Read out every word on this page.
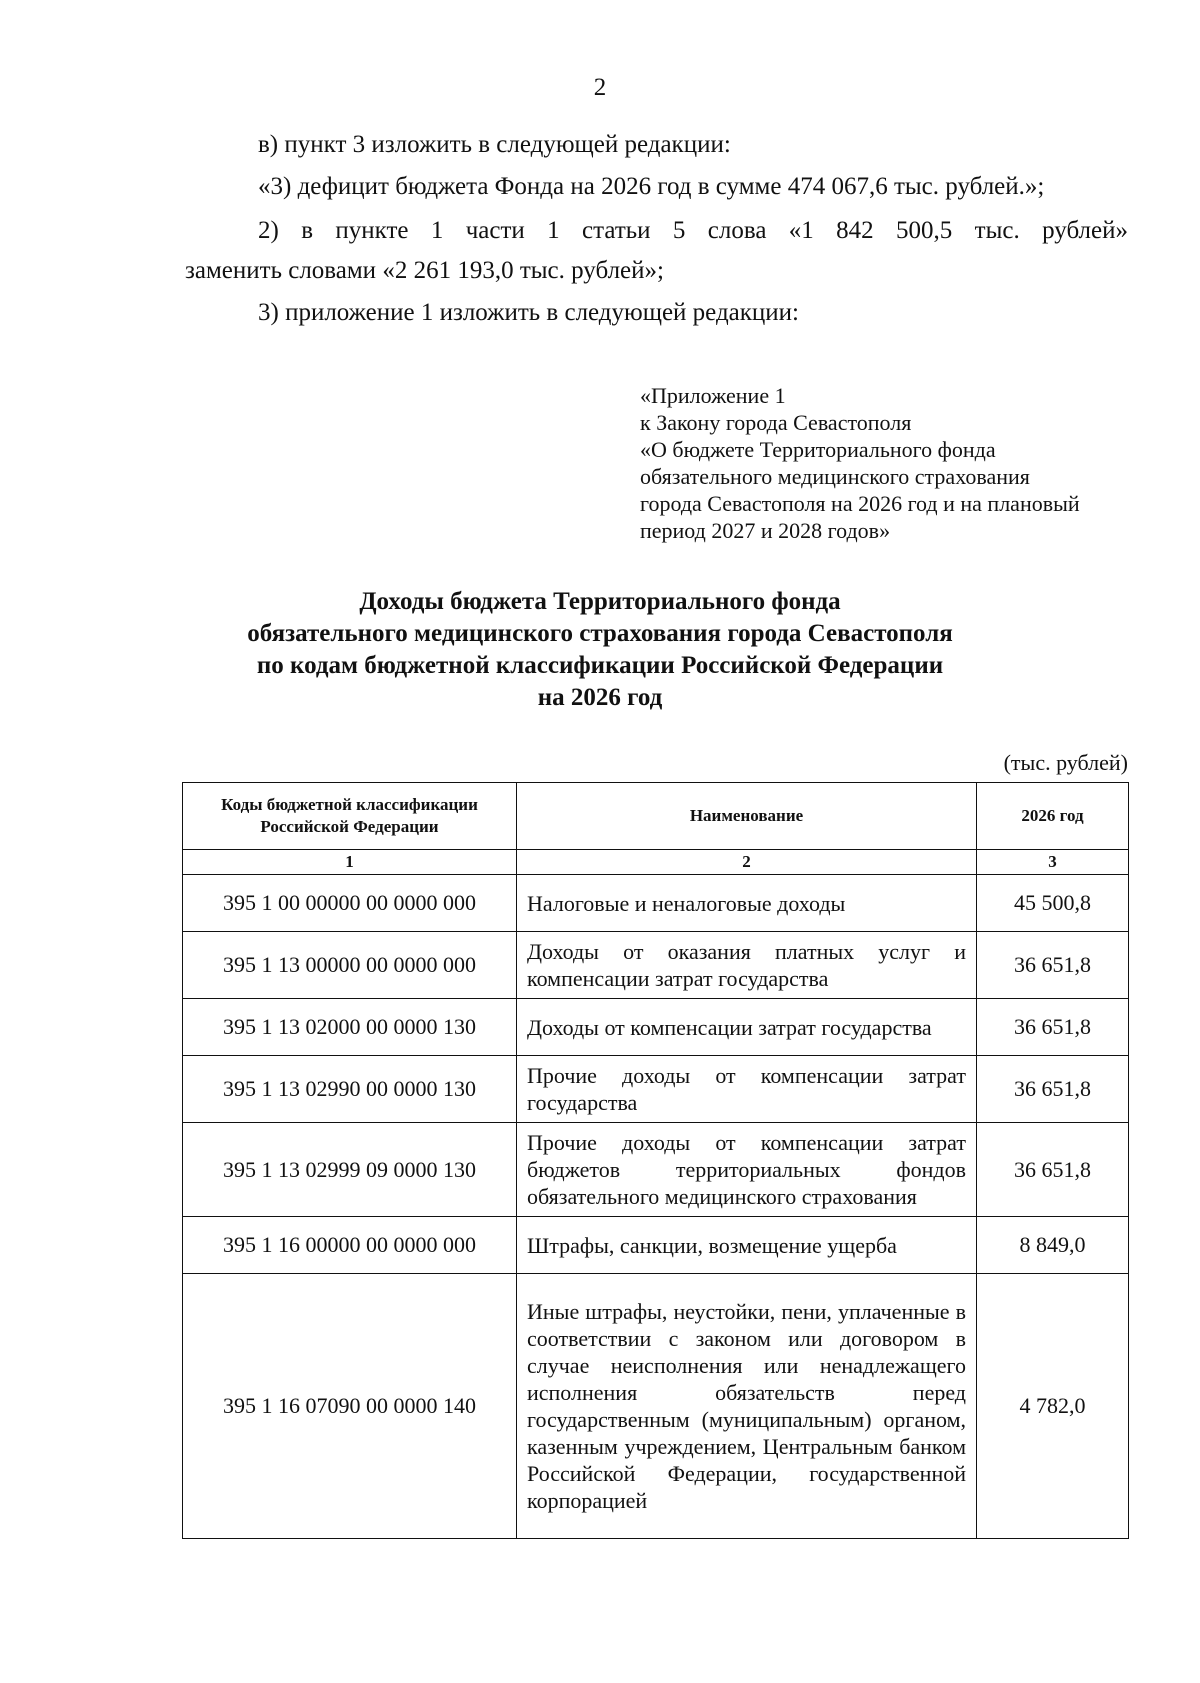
2
в) пункт 3 изложить в следующей редакции:
«3) дефицит бюджета Фонда на 2026 год в сумме 474 067,6 тыс. рублей.»;
2) в пункте 1 части 1 статьи 5 слова «1 842 500,5 тыс. рублей»
заменить словами «2 261 193,0 тыс. рублей»;
3) приложение 1 изложить в следующей редакции:
«Приложение 1
к Закону города Севастополя
«О бюджете Территориального фонда
обязательного медицинского страхования
города Севастополя на 2026 год и на плановый
период 2027 и 2028 годов»
Доходы бюджета Территориального фонда
обязательного медицинского страхования города Севастополя
по кодам бюджетной классификации Российской Федерации
на 2026 год
(тыс. рублей)
Коды бюджетной классификации Российской Федерации	Наименование	2026 год
1	2	3
395 1 00 00000 00 0000 000	Налоговые и неналоговые доходы	45 500,8
395 1 13 00000 00 0000 000	Доходы от оказания платных услуг и компенсации затрат государства	36 651,8
395 1 13 02000 00 0000 130	Доходы от компенсации затрат государства	36 651,8
395 1 13 02990 00 0000 130	Прочие доходы от компенсации затрат государства	36 651,8
395 1 13 02999 09 0000 130	Прочие доходы от компенсации затрат бюджетов территориальных фондов обязательного медицинского страхования	36 651,8
395 1 16 00000 00 0000 000	Штрафы, санкции, возмещение ущерба	8 849,0
395 1 16 07090 00 0000 140	Иные штрафы, неустойки, пени, уплаченные в соответствии с законом или договором в случае неисполнения или ненадлежащего исполнения обязательств перед государственным (муниципальным) органом, казенным учреждением, Центральным банком Российской Федерации, государственной корпорацией	4 782,0
